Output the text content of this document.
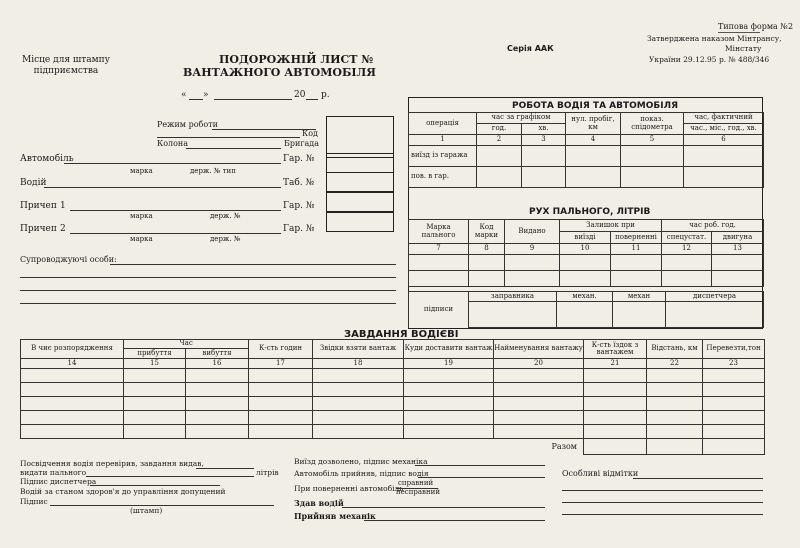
Місце для штампу
підприємства
ПОДОРОЖНІЙ ЛИСТ №
ВАНТАЖНОГО АВТОМОБІЛЯ
« »	20 р.
Серія ААК
Типова форма №2
Затверджена наказом Мінтрансу,
Мінстату
України 29.12.95 р. № 488/346
Режим роботи
Код
Колона	Бригада
Автомобіль	Гар. №
марка	держ. № тип
Водій	Таб. №
Причеп 1	Гар. №
марка	держ. №
Причеп 2	Гар. №
марка	держ. №
Супроводжуючі особи:
РОБОТА ВОДІЯ ТА АВТОМОБІЛЯ
операція	час за графіком		нул. пробіг, км	показ. спідометра	час, фактичний
	год.	хв.			час., міс., год., хв.
1	2	3	4	5	6
виїзд із гаража					
пов. в гар.					
РУХ ПАЛЬНОГО, ЛІТРІВ
Марка пального	Код марки	Видано	Залишок при		час роб. год.	
			виїзді	поверненні	спецустат.	двигуна
7	8	9	10	11	12	13

підписи	заправника	механ.	механ	диспетчера

ЗАВДАННЯ ВОДІЄВІ
В чиє розпорядження	Час		К-сть годин	Звідки взяти вантаж	Куди доставити вантаж	Найменування вантажу	К-сть їздок з вантажем	Відстань, км	Перевезти,тон
	прибуття	вибуття							
14	15	16	17	18	19	20	21	22	23

Разом									
Посвідчення водія перевірив, завдання видав,
видати пального	літрів
Підпис диспетчера
Водій за станом здоров'я до управління допущений
Підпис
(штамп)
Виїзд дозволено, підпис механіка
Автомобіль прийняв, підпис водія
При поверненні автомобіль
справний
несправний
Здав водій
Прийняв механік
Особливі відмітки
